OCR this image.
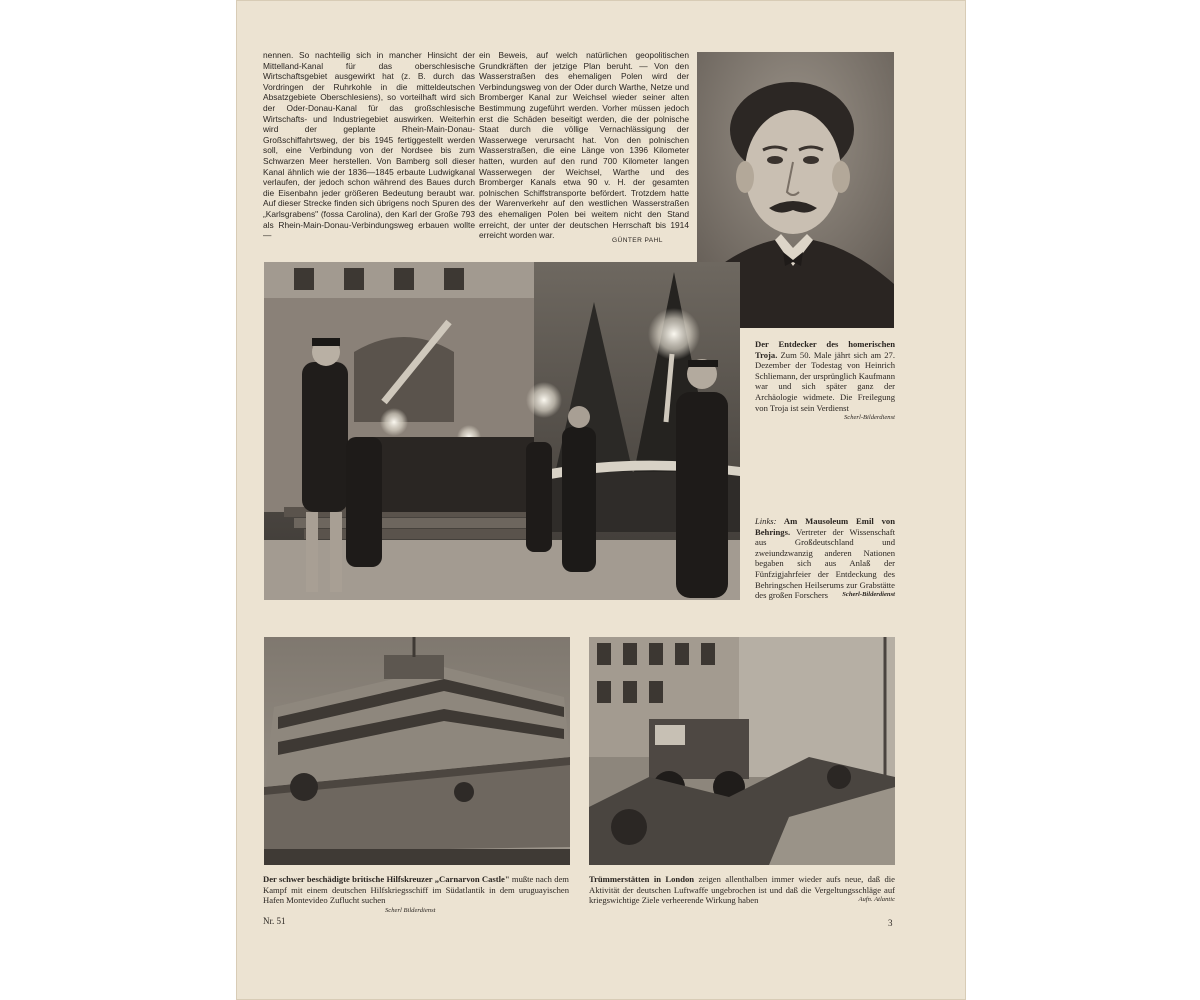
nennen. So nachteilig sich in mancher Hinsicht der Mittelland-Kanal für das oberschlesische Wirtschaftsgebiet ausgewirkt hat (z. B. durch das Vordringen der Ruhrkohle in die mitteldeutschen Absatzgebiete Oberschlesiens), so vorteilhaft wird sich der Oder-Donau-Kanal für das großschlesische Wirtschafts- und Industriegebiet auswirken. Weiterhin wird der geplante Rhein-Main-Donau-Großschiffahrtsweg, der bis 1945 fertiggestellt werden soll, eine Verbindung von der Nordsee bis zum Schwarzen Meer herstellen. Von Bamberg soll dieser Kanal ähnlich wie der 1836—1845 erbaute Ludwigkanal verlaufen, der jedoch schon während des Baues durch die Eisenbahn jeder größeren Bedeutung beraubt war. Auf dieser Strecke finden sich übrigens noch Spuren des „Karlsgrabens" (fossa Carolina), den Karl der Große 793 als Rhein-Main-Donau-Verbindungsweg erbauen wollte —
ein Beweis, auf welch natürlichen geopolitischen Grundkräften der jetzige Plan beruht. — Von den Wasserstraßen des ehemaligen Polen wird der Verbindungsweg von der Oder durch Warthe, Netze und Bromberger Kanal zur Weichsel wieder seiner alten Bestimmung zugeführt werden. Vorher müssen jedoch erst die Schäden beseitigt werden, die der polnische Staat durch die völlige Vernachlässigung der Wasserwege verursacht hat. Von den polnischen Wasserstraßen, die eine Länge von 1396 Kilometer hatten, wurden auf den rund 700 Kilometer langen Wasserwegen der Weichsel, Warthe und des Bromberger Kanals etwa 90 v. H. der gesamten polnischen Schiffstransporte befördert. Trotzdem hatte der Warenverkehr auf den westlichen Wasserstraßen des ehemaligen Polen bei weitem nicht den Stand erreicht, der unter der deutschen Herrschaft bis 1914 erreicht worden war.
GÜNTER PAHL
Der Entdecker des homerischen Troja. Zum 50. Male jährt sich am 27. Dezember der Todestag von Heinrich Schliemann, der ursprünglich Kaufmann war und sich später ganz der Archäologie widmete. Die Freilegung von Troja ist sein Verdienst
Scherl-Bilderdienst
Links: Am Mausoleum Emil von Behrings. Vertreter der Wissenschaft aus Großdeutschland und zweiundzwanzig anderen Nationen begaben sich aus Anlaß der Fünfzigjahrfeier der Entdeckung des Behringschen Heilserums zur Grabstätte des großen Forschers Scherl-Bilderdienst
Der schwer beschädigte britische Hilfskreuzer „Carnarvon Castle" mußte nach dem Kampf mit einem deutschen Hilfskriegsschiff im Südatlantik in dem uruguayischen Hafen Montevideo Zuflucht suchen
Scherl Bilderdienst
Trümmerstätten in London zeigen allenthalben immer wieder aufs neue, daß die Aktivität der deutschen Luftwaffe ungebrochen ist und daß die Vergeltungsschläge auf kriegswichtige Ziele verheerende Wirkung haben	Aufn. Atlantic
Nr. 51	3
